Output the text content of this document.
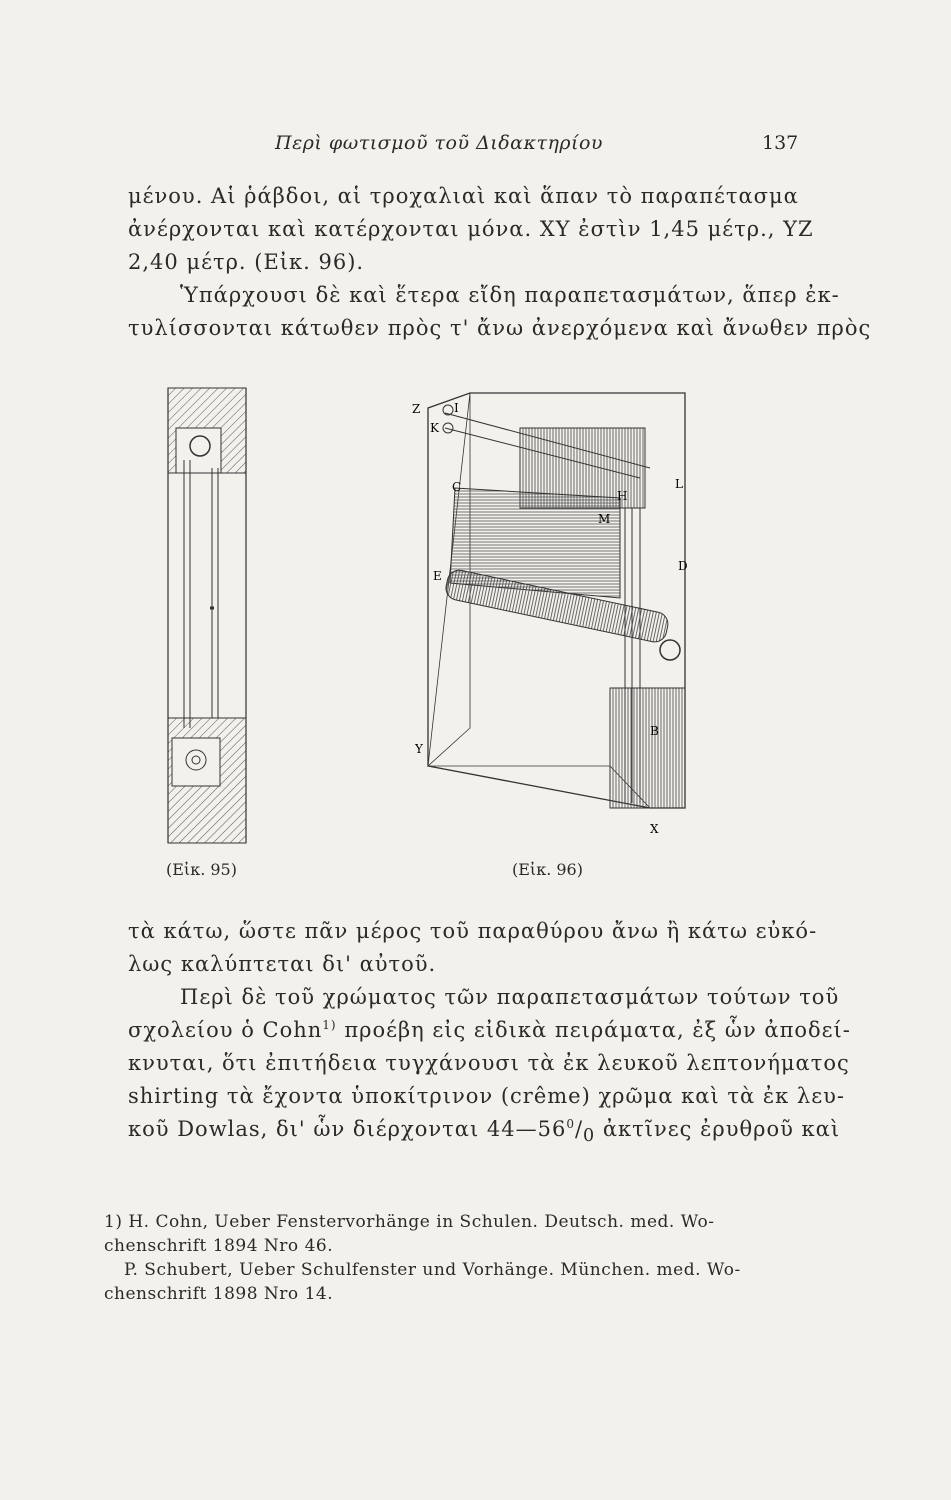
Περὶ φωτισμοῦ τοῦ Διδακτηρίου	137
μένου. Αἱ ῥάβδοι, αἱ τροχαλιαὶ καὶ ἅπαν τὸ παραπέτασμα
ἀνέρχονται καὶ κατέρχονται μόνα. XY ἐστὶν 1,45 μέτρ., YZ
2,40 μέτρ. (Εἰκ. 96).
Ὑπάρχουσι δὲ καὶ ἕτερα εἴδη παραπετασμάτων, ἅπερ ἐκ-
τυλίσσονται κάτωθεν πρὸς τ' ἄνω ἀνερχόμενα καὶ ἄνωθεν πρὸς
Z	I
K
C
M
H
L
E
D
Y
B
X
(Εἰκ. 95)	(Εἰκ. 96)
τὰ κάτω, ὥστε πᾶν μέρος τοῦ παραθύρου ἄνω ἢ κάτω εὐκό-
λως καλύπτεται δι' αὐτοῦ.
Περὶ δὲ τοῦ χρώματος τῶν παραπετασμάτων τούτων τοῦ
σχολείου ὁ Cohn$^{1)}$ προέβη εἰς εἰδικὰ πειράματα, ἐξ ὧν ἀποδεί-
κνυται, ὅτι ἐπιτήδεια τυγχάνουσι τὰ ἐκ λευκοῦ λεπτονήματος
shirting τὰ ἔχοντα ὑποκίτρινον (crême) χρῶμα καὶ τὰ ἐκ λευ-
κοῦ Dowlas, δι' ὧν διέρχονται $44—56^0/_0$ ἀκτῖνες ἐρυθροῦ καὶ
1) H. Cohn, Ueber Fenstervorhänge in Schulen. Deutsch. med. Wo-
chenschrift 1894 Nro 46.
P. Schubert, Ueber Schulfenster und Vorhänge. München. med. Wo-
chenschrift 1898 Nro 14.
